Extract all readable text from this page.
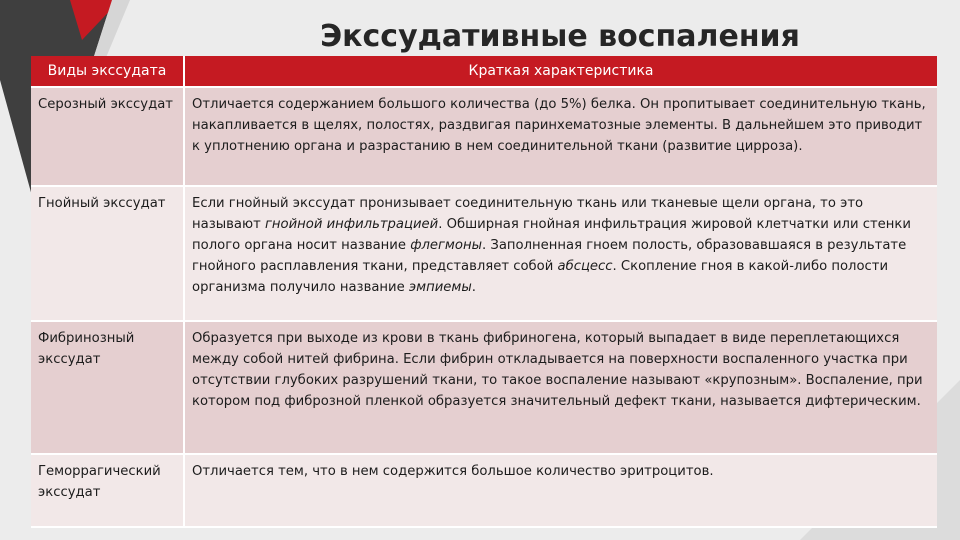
Экссудативные воспаления
Виды экссудата	Краткая характеристика
Серозный экссудат	Отличается содержанием большого количества (до 5%) белка. Он пропитывает соединительную ткань, накапливается в щелях, полостях, раздвигая паринхематозные элементы. В дальнейшем это приводит к уплотнению органа и разрастанию в нем соединительной ткани (развитие цирроза).
Гнойный экссудат	Если гнойный экссудат пронизывает соединительную ткань или тканевые щели органа, то это называют гнойной инфильтрацией. Обширная гнойная инфильтрация жировой клетчатки или стенки полого органа носит название флегмоны. Заполненная гноем полость, образовавшаяся в результате гнойного расплавления ткани, представляет собой абсцесс. Скопление гноя в какой-либо полости организма получило название эмпиемы.
Фибринозный экссудат	Образуется при выходе из крови в ткань фибриногена, который выпадает в виде переплетающихся между собой нитей фибрина. Если фибрин откладывается на поверхности воспаленного участка при отсутствии глубоких разрушений ткани, то такое воспаление называют «крупозным». Воспаление, при котором под фиброзной пленкой образуется значительный дефект ткани, называется дифтерическим.
Геморрагический экссудат	Отличается тем, что в нем содержится большое количество эритроцитов.
